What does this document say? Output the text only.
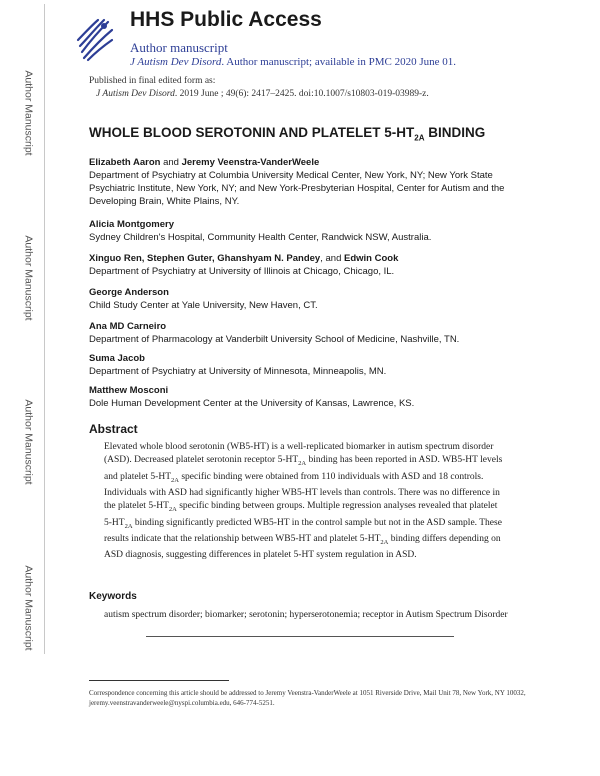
Author Manuscript
Author Manuscript
Author Manuscript
Author Manuscript
HHS Public Access
Author manuscript
J Autism Dev Disord. Author manuscript; available in PMC 2020 June 01.
Published in final edited form as:
J Autism Dev Disord. 2019 June ; 49(6): 2417–2425. doi:10.1007/s10803-019-03989-z.
WHOLE BLOOD SEROTONIN AND PLATELET $5-HT_{2A}$ BINDING
Elizabeth Aaron and Jeremy Veenstra-VanderWeele
Department of Psychiatry at Columbia University Medical Center, New York, NY; New York State Psychiatric Institute, New York, NY; and New York-Presbyterian Hospital, Center for Autism and the Developing Brain, White Plains, NY.
Alicia Montgomery
Sydney Children's Hospital, Community Health Center, Randwick NSW, Australia.
Xinguo Ren, Stephen Guter, Ghanshyam N. Pandey, and Edwin Cook
Department of Psychiatry at University of Illinois at Chicago, Chicago, IL.
George Anderson
Child Study Center at Yale University, New Haven, CT.
Ana MD Carneiro
Department of Pharmacology at Vanderbilt University School of Medicine, Nashville, TN.
Suma Jacob
Department of Psychiatry at University of Minnesota, Minneapolis, MN.
Matthew Mosconi
Dole Human Development Center at the University of Kansas, Lawrence, KS.
Abstract

Elevated whole blood serotonin (WB5-HT) is a well-replicated biomarker in autism spectrum disorder (ASD). Decreased platelet serotonin receptor $5-HT_{2A}$ binding has been reported in ASD. WB5-HT levels and platelet $5-HT_{2A}$ specific binding were obtained from 110 individuals with ASD and 18 controls. Individuals with ASD had significantly higher WB5-HT levels than controls. There was no difference in the platelet $5-HT_{2A}$ specific binding between groups. Multiple regression analyses revealed that platelet $5-HT_{2A}$ binding significantly predicted WB5-HT in the control sample but not in the ASD sample. These results indicate that the relationship between WB5-HT and platelet $5-HT_{2A}$ binding differs depending on ASD diagnosis, suggesting differences in platelet 5-HT system regulation in ASD.

Keywords

autism spectrum disorder; biomarker; serotonin; hyperserotonemia; receptor in Autism Spectrum Disorder

Correspondence concerning this article should be addressed to Jeremy Veenstra-VanderWeele at 1051 Riverside Drive, Mail Unit 78, New York, NY 10032, jeremy.veenstravanderweele@nyspi.columbia.edu, 646-774-5251.
